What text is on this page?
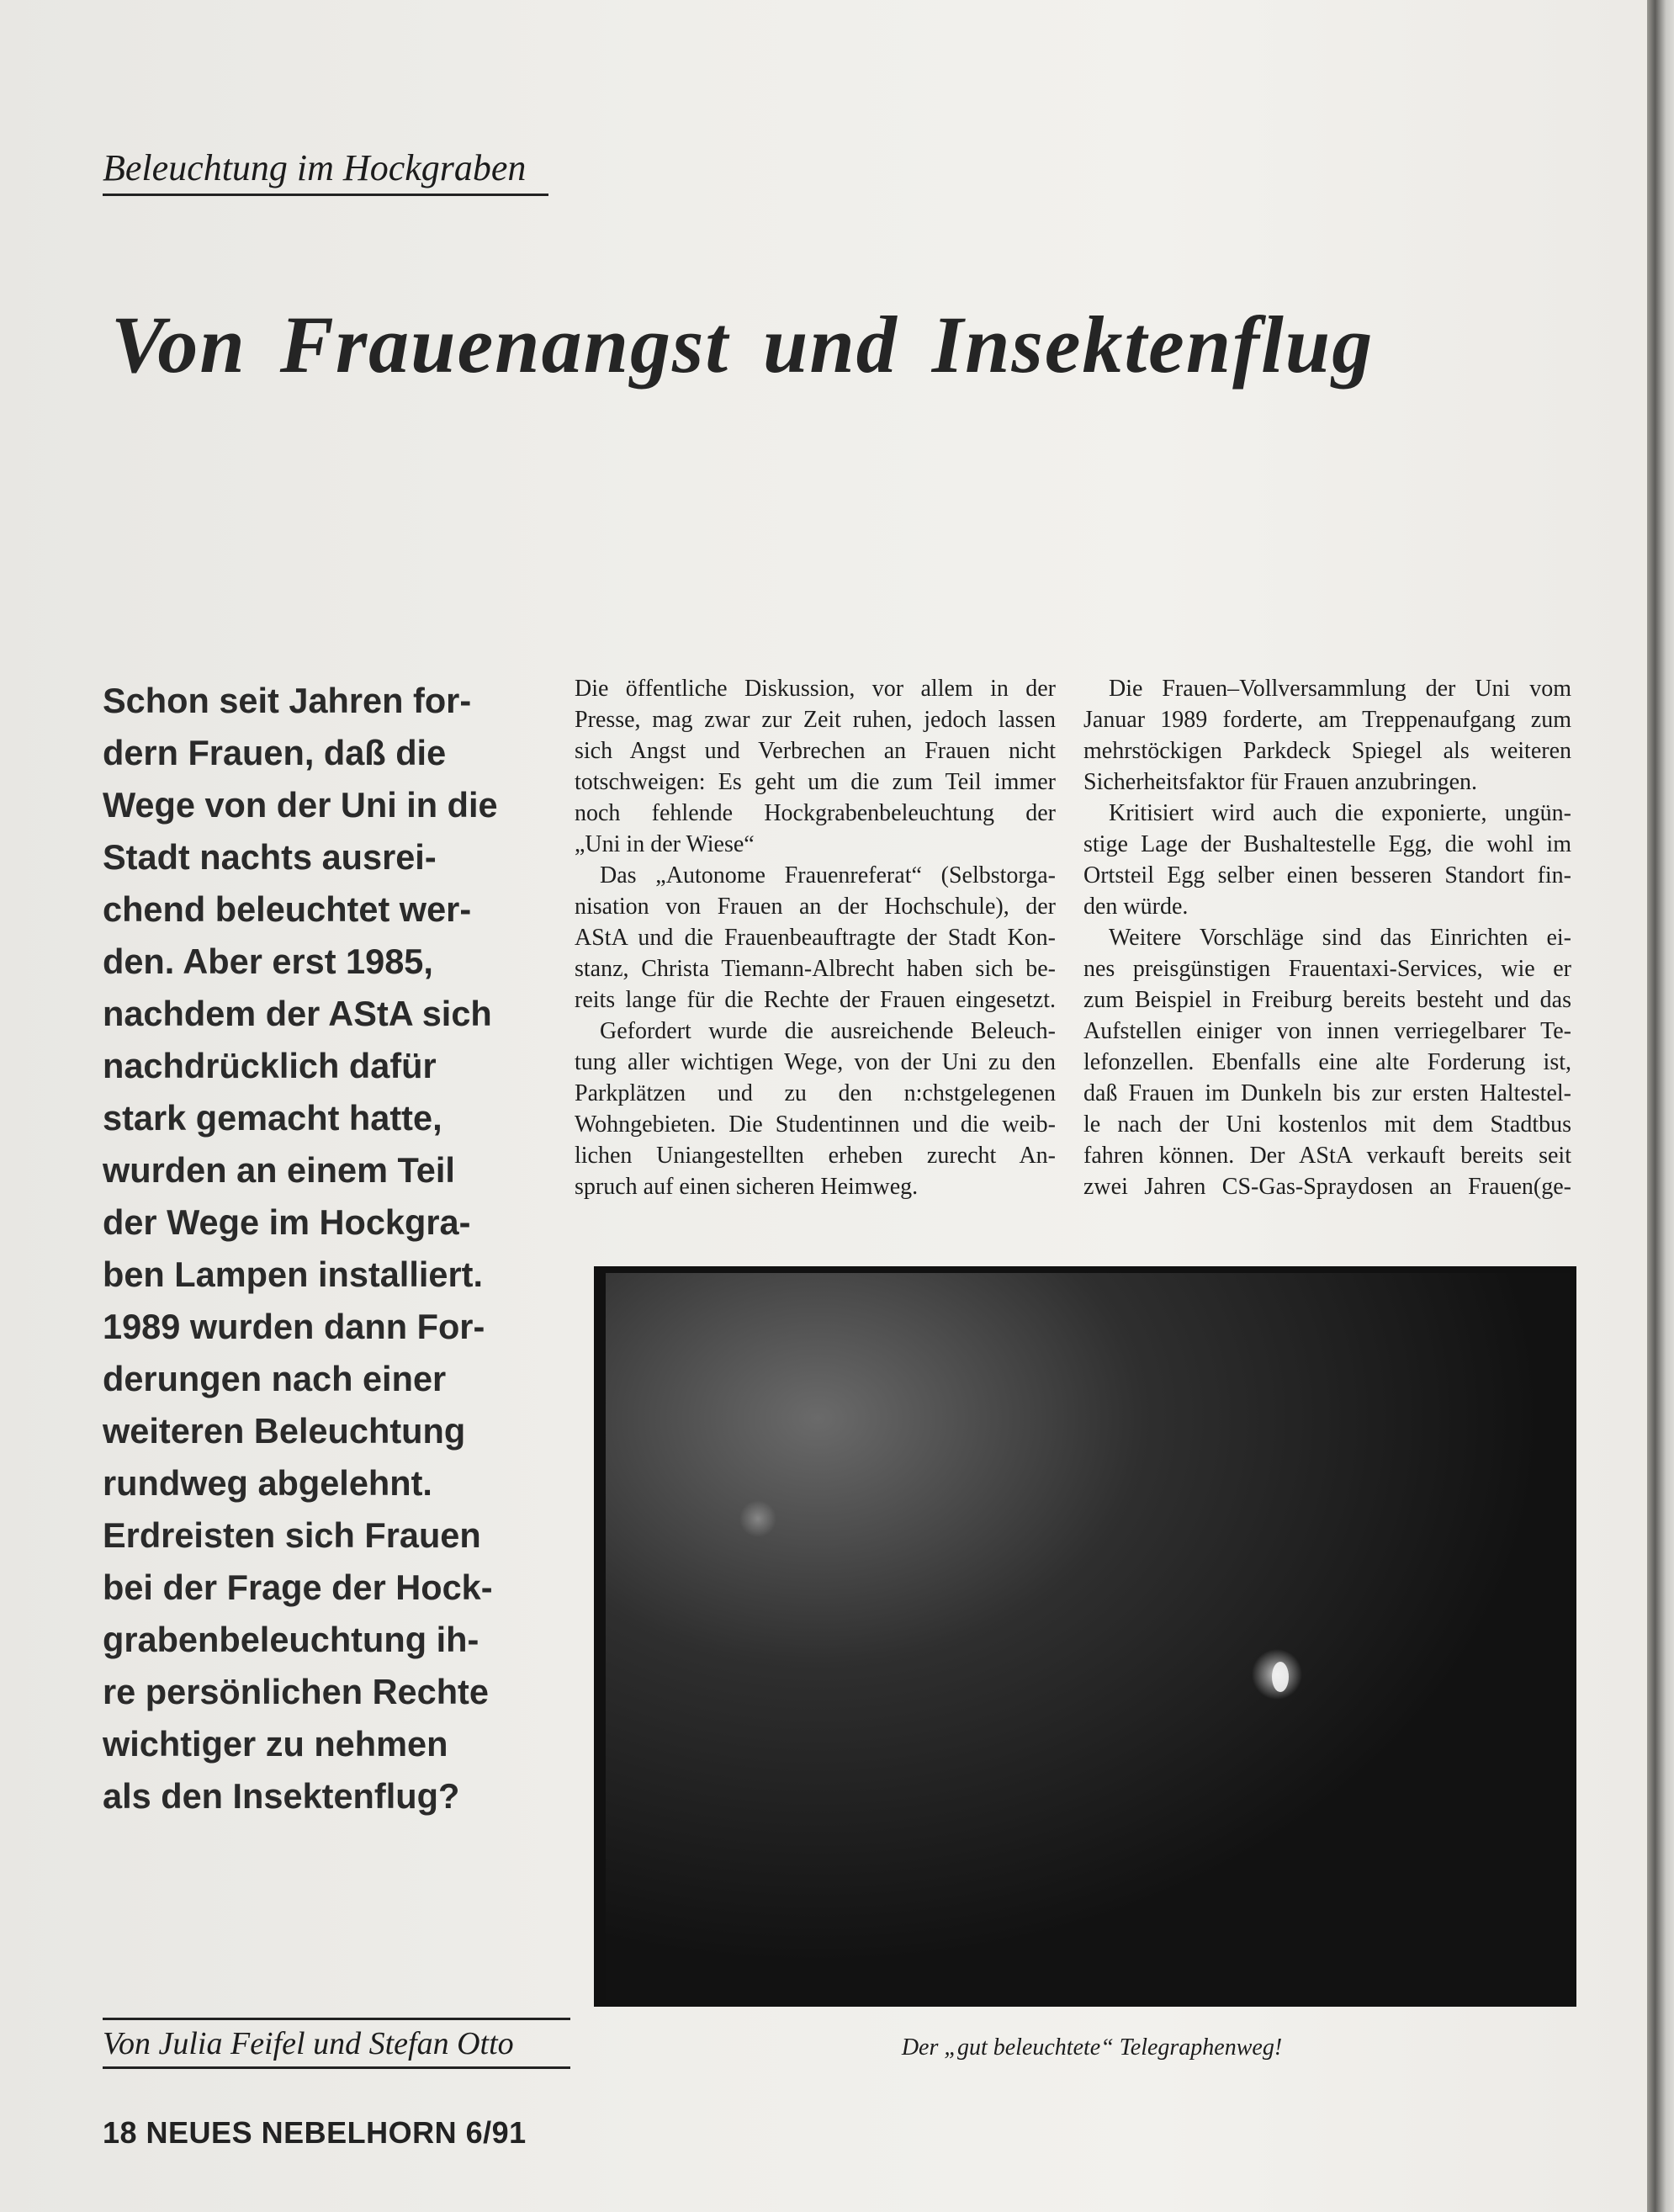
Beleuchtung im Hockgraben
Von Frauenangst und Insektenflug
Schon seit Jahren for-
dern Frauen, daß die
Wege von der Uni in die
Stadt nachts ausrei-
chend beleuchtet wer-
den. Aber erst 1985,
nachdem der AStA sich
nachdrücklich dafür
stark gemacht hatte,
wurden an einem Teil
der Wege im Hockgra-
ben Lampen installiert.
1989 wurden dann For-
derungen nach einer
weiteren Beleuchtung
rundweg abgelehnt.
Erdreisten sich Frauen
bei der Frage der Hock-
grabenbeleuchtung ih-
re persönlichen Rechte
wichtiger zu nehmen
als den Insektenflug?
Die öffentliche Diskussion, vor allem in der
Presse, mag zwar zur Zeit ruhen, jedoch lassen
sich Angst und Verbrechen an Frauen nicht
totschweigen: Es geht um die zum Teil immer
noch fehlende Hockgrabenbeleuchtung der
„Uni in der Wiese“
Das „Autonome Frauenreferat“ (Selbstorga-
nisation von Frauen an der Hochschule), der
AStA und die Frauenbeauftragte der Stadt Kon-
stanz, Christa Tiemann-Albrecht haben sich be-
reits lange für die Rechte der Frauen eingesetzt.
Gefordert wurde die ausreichende Beleuch-
tung aller wichtigen Wege, von der Uni zu den
Parkplätzen und zu den n:chstgelegenen
Wohngebieten. Die Studentinnen und die weib-
lichen Uniangestellten erheben zurecht An-
spruch auf einen sicheren Heimweg.
Die Frauen–Vollversammlung der Uni vom
Januar 1989 forderte, am Treppenaufgang zum
mehrstöckigen Parkdeck Spiegel als weiteren
Sicherheitsfaktor für Frauen anzubringen.
Kritisiert wird auch die exponierte, ungün-
stige Lage der Bushaltestelle Egg, die wohl im
Ortsteil Egg selber einen besseren Standort fin-
den würde.
Weitere Vorschläge sind das Einrichten ei-
nes preisgünstigen Frauentaxi-Services, wie er
zum Beispiel in Freiburg bereits besteht und das
Aufstellen einiger von innen verriegelbarer Te-
lefonzellen. Ebenfalls eine alte Forderung ist,
daß Frauen im Dunkeln bis zur ersten Haltestel-
le nach der Uni kostenlos mit dem Stadtbus
fahren können. Der AStA verkauft bereits seit
zwei Jahren CS-Gas-Spraydosen an Frauen(ge-
Der „gut beleuchtete“ Telegraphenweg!
Von Julia Feifel und Stefan Otto
18 NEUES NEBELHORN 6/91
